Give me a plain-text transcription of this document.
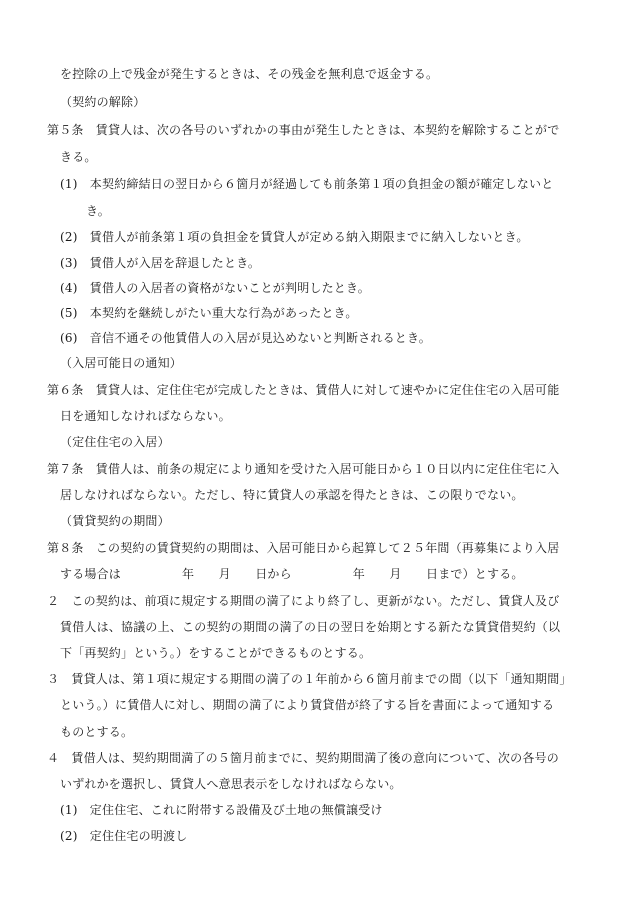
を控除の上で残金が発生するときは、その残金を無利息で返金する。
（契約の解除）
第５条　賃貸人は、次の各号のいずれかの事由が発生したときは、本契約を解除することがで
きる。
(1)　本契約締結日の翌日から６箇月が経過しても前条第１項の負担金の額が確定しないと
き。
(2)　賃借人が前条第１項の負担金を賃貸人が定める納入期限までに納入しないとき。
(3)　賃借人が入居を辞退したとき。
(4)　賃借人の入居者の資格がないことが判明したとき。
(5)　本契約を継続しがたい重大な行為があったとき。
(6)　音信不通その他賃借人の入居が見込めないと判断されるとき。
（入居可能日の通知）
第６条　賃貸人は、定住住宅が完成したときは、賃借人に対して速やかに定住住宅の入居可能
日を通知しなければならない。
（定住住宅の入居）
第７条　賃借人は、前条の規定により通知を受けた入居可能日から１０日以内に定住住宅に入
居しなければならない。ただし、特に賃貸人の承認を得たときは、この限りでない。
（賃貸契約の期間）
第８条　この契約の賃貸契約の期間は、入居可能日から起算して２５年間（再募集により入居
する場合は　　　　　年　　月　　日から　　　　　年　　月　　日まで）とする。
２　この契約は、前項に規定する期間の満了により終了し、更新がない。ただし、賃貸人及び
賃借人は、協議の上、この契約の期間の満了の日の翌日を始期とする新たな賃貸借契約（以
下「再契約」という。）をすることができるものとする。
３　賃貸人は、第１項に規定する期間の満了の１年前から６箇月前までの間（以下「通知期間」
という。）に賃借人に対し、期間の満了により賃貸借が終了する旨を書面によって通知する
ものとする。
４　賃借人は、契約期間満了の５箇月前までに、契約期間満了後の意向について、次の各号の
いずれかを選択し、賃貸人へ意思表示をしなければならない。
(1)　定住住宅、これに附帯する設備及び土地の無償譲受け
(2)　定住住宅の明渡し
